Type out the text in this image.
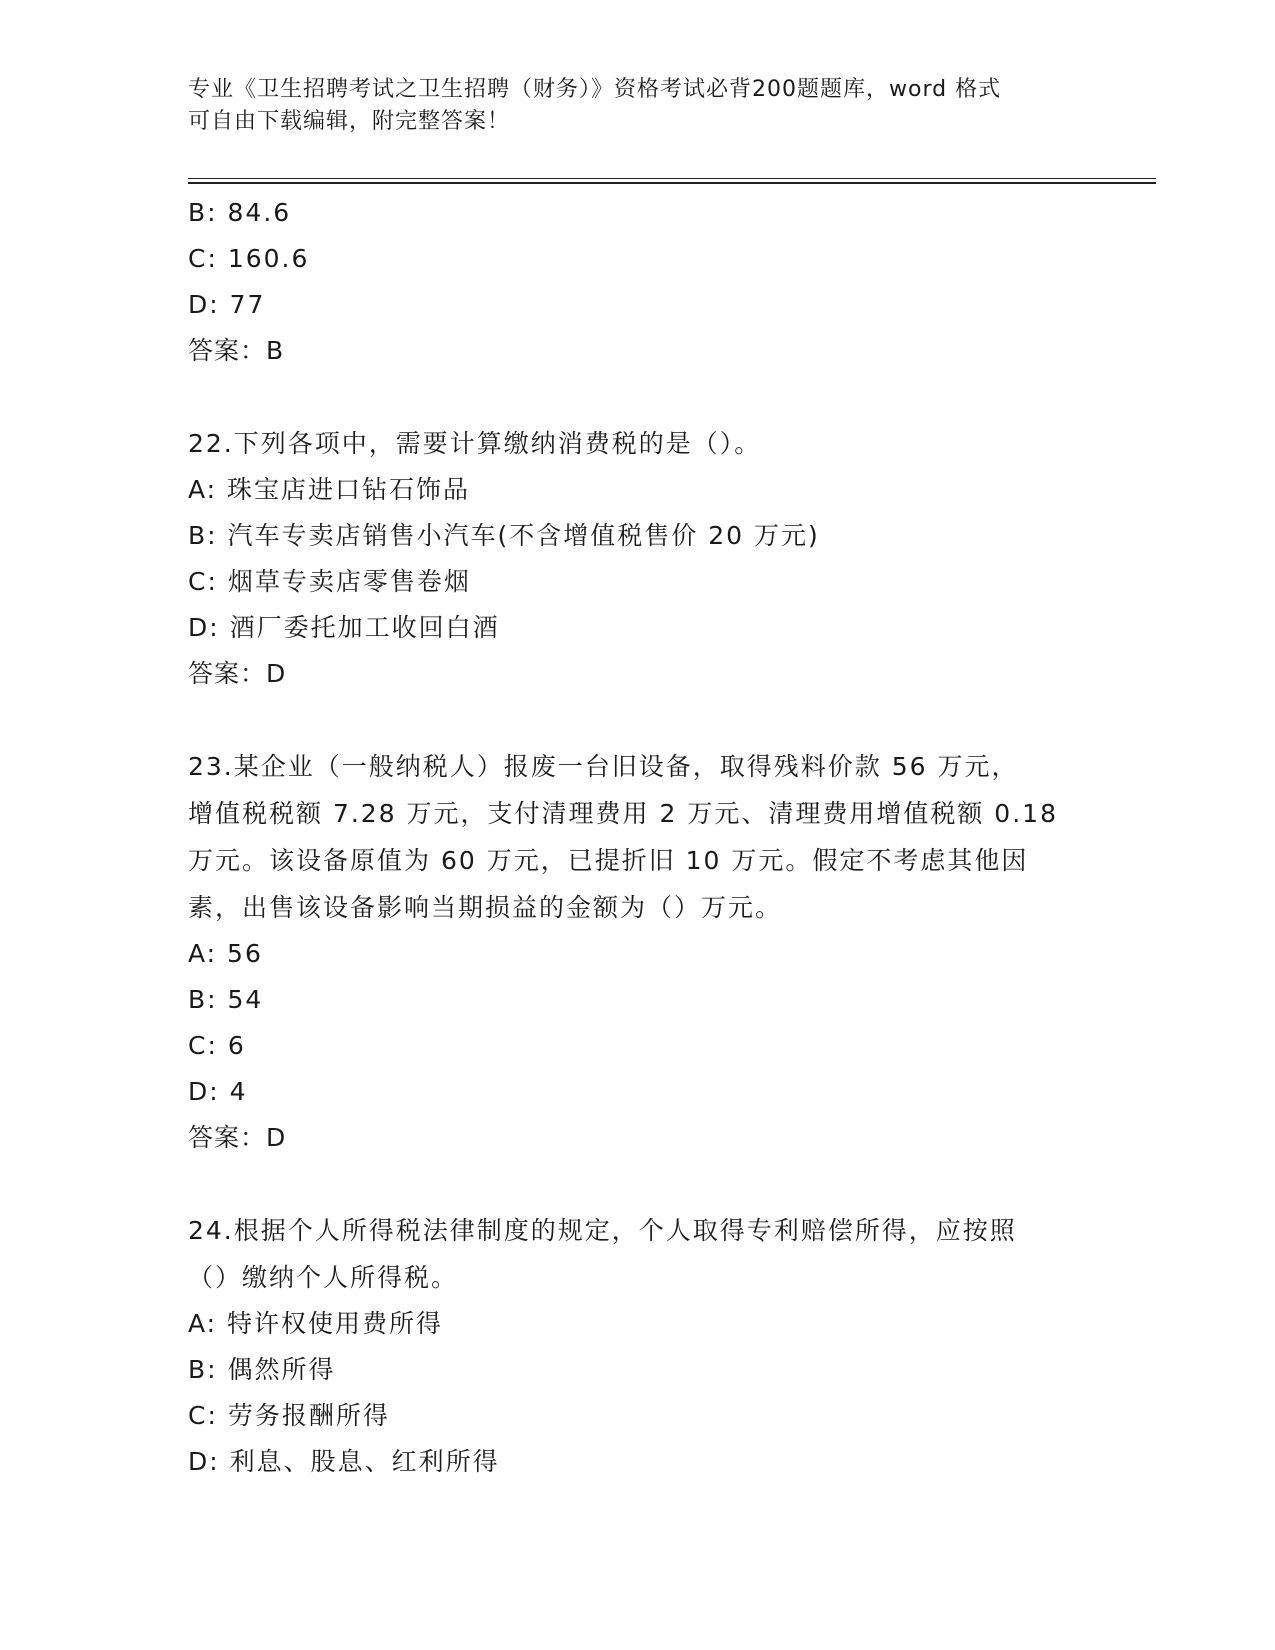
专业《卫生招聘考试之卫生招聘（财务）》资格考试必背200题题库，word 格式
可自由下载编辑，附完整答案！
B: 84.6
C: 160.6
D: 77
答案：B
22.下列各项中，需要计算缴纳消费税的是（）。
A: 珠宝店进口钻石饰品
B: 汽车专卖店销售小汽车(不含增值税售价 20 万元)
C: 烟草专卖店零售卷烟
D: 酒厂委托加工收回白酒
答案：D
23.某企业（一般纳税人）报废一台旧设备，取得残料价款 56 万元，
增值税税额 7.28 万元，支付清理费用 2 万元、清理费用增值税额 0.18
万元。该设备原值为 60 万元，已提折旧 10 万元。假定不考虑其他因
素，出售该设备影响当期损益的金额为（）万元。
A: 56
B: 54
C: 6
D: 4
答案：D
24.根据个人所得税法律制度的规定，个人取得专利赔偿所得，应按照
（）缴纳个人所得税。
A: 特许权使用费所得
B: 偶然所得
C: 劳务报酬所得
D: 利息、股息、红利所得
